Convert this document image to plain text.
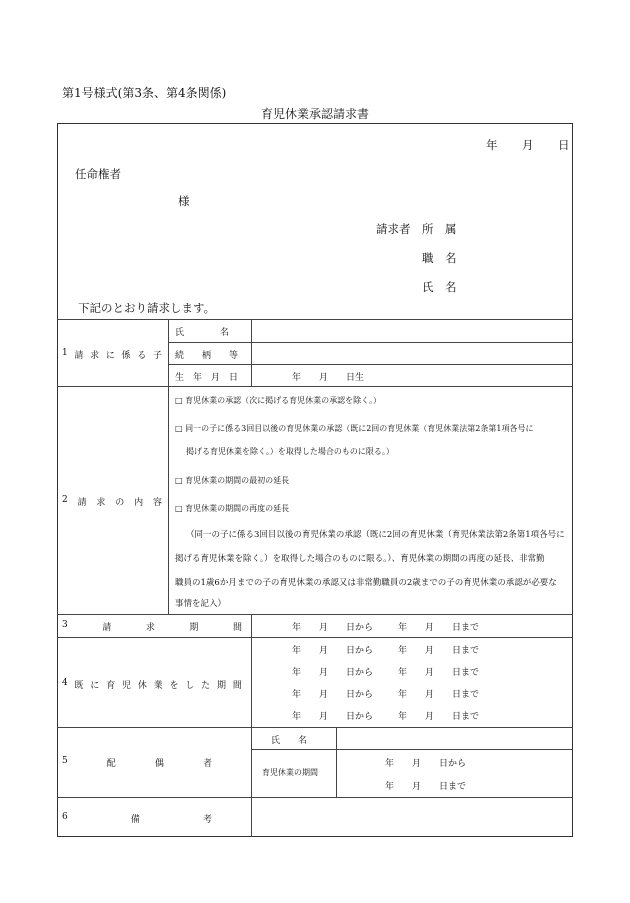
第1号様式(第3条、第4条関係)
育児休業承認請求書
年 月 日
任命権者
様
請求者 所　属
職　名
氏　名
下記のとおり請求します。
1 請 求 に 係 る 子
氏　　　　名
続　　柄　　等
生　年　月　日	年　　月　　日生
2 請 求 の 内 容
□ 育児休業の承認（次に掲げる育児休業の承認を除く。）
□ 同一の子に係る3回目以後の育児休業の承認（既に2回の育児休業（育児休業法第2条第1項各号に
掲げる育児休業を除く。）を取得した場合のものに限る。）
□ 育児休業の期間の最初の延長
□ 育児休業の期間の再度の延長
（同一の子に係る3回目以後の育児休業の承認（既に2回の育児休業（育児休業法第2条第1項各号に
掲げる育児休業を除く。）を取得した場合のものに限る。）、育児休業の期間の再度の延長、非常勤
職員の1歳6か月までの子の育児休業の承認又は非常勤職員の2歳までの子の育児休業の承認が必要な
事情を記入）
3	請	求	期	間	年　　月　　日から	年　　月　　日まで
4 既 に 育 児 休 業 を し た 期 間
年　　月　　日から	年　　月　　日まで
年　　月　　日から	年　　月　　日まで
年　　月　　日から	年　　月　　日まで
年　　月　　日から	年　　月　　日まで
5	配	偶	者
氏　　名
育児休業の期間
年　　月　　日から
年　　月　　日まで
6	備	考
